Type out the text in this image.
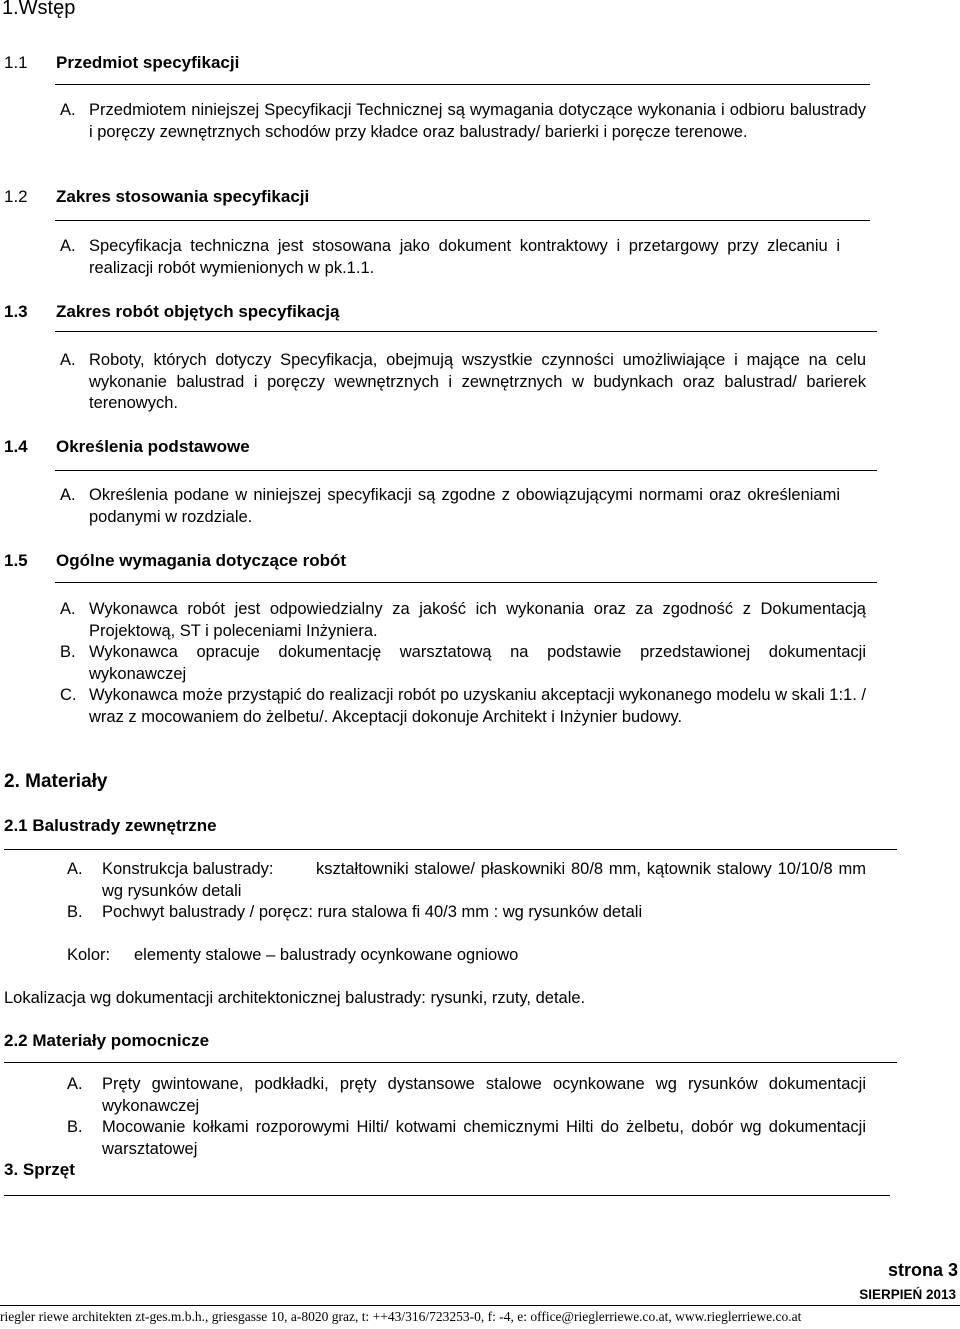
1.Wstęp
1.1 Przedmiot specyfikacji
A. Przedmiotem niniejszej Specyfikacji Technicznej są wymagania dotyczące wykonania i odbioru balustrady i poręczy zewnętrznych schodów przy kładce oraz balustrady/ barierki i poręcze terenowe.
1.2 Zakres stosowania specyfikacji
A. Specyfikacja techniczna jest stosowana jako dokument kontraktowy i przetargowy przy zlecaniu i realizacji robót wymienionych w pk.1.1.
1.3 Zakres robót objętych specyfikacją
A. Roboty, których dotyczy Specyfikacja, obejmują wszystkie czynności umożliwiające i mające na celu wykonanie balustrad i poręczy wewnętrznych i zewnętrznych w budynkach oraz balustrad/ barierek terenowych.
1.4 Określenia podstawowe
A. Określenia podane w niniejszej specyfikacji są zgodne z obowiązującymi normami oraz określeniami podanymi w rozdziale.
1.5 Ogólne wymagania dotyczące robót
A. Wykonawca robót jest odpowiedzialny za jakość ich wykonania oraz za zgodność z Dokumentacją Projektową, ST i poleceniami Inżyniera.
B. Wykonawca opracuje dokumentację warsztatową na podstawie przedstawionej dokumentacji wykonawczej
C. Wykonawca może przystąpić do realizacji robót po uzyskaniu akceptacji wykonanego modelu w skali 1:1. / wraz z mocowaniem do żelbetu/. Akceptacji dokonuje Architekt i Inżynier budowy.
2. Materiały
2.1 Balustrady zewnętrzne
A. Konstrukcja balustrady:	kształtowniki stalowe/ płaskowniki 80/8 mm, kątownik stalowy 10/10/8 mm wg rysunków detali
B. Pochwyt balustrady / poręcz: rura stalowa fi 40/3 mm : wg rysunków detali
Kolor: elementy stalowe – balustrady ocynkowane ogniowo
Lokalizacja wg dokumentacji architektonicznej balustrady: rysunki, rzuty, detale.
2.2 Materiały pomocnicze
A.	Pręty gwintowane, podkładki, pręty dystansowe stalowe ocynkowane wg rysunków dokumentacji wykonawczej
B.	Mocowanie kołkami rozporowymi Hilti/ kotwami chemicznymi Hilti do żelbetu, dobór wg dokumentacji warsztatowej
3. Sprzęt
strona 3
SIERPIEŃ 2013
riegler riewe architekten zt-ges.m.b.h., griesgasse 10, a-8020 graz, t: ++43/316/723253-0, f: -4, e: office@rieglerriewe.co.at, www.rieglerriewe.co.at
